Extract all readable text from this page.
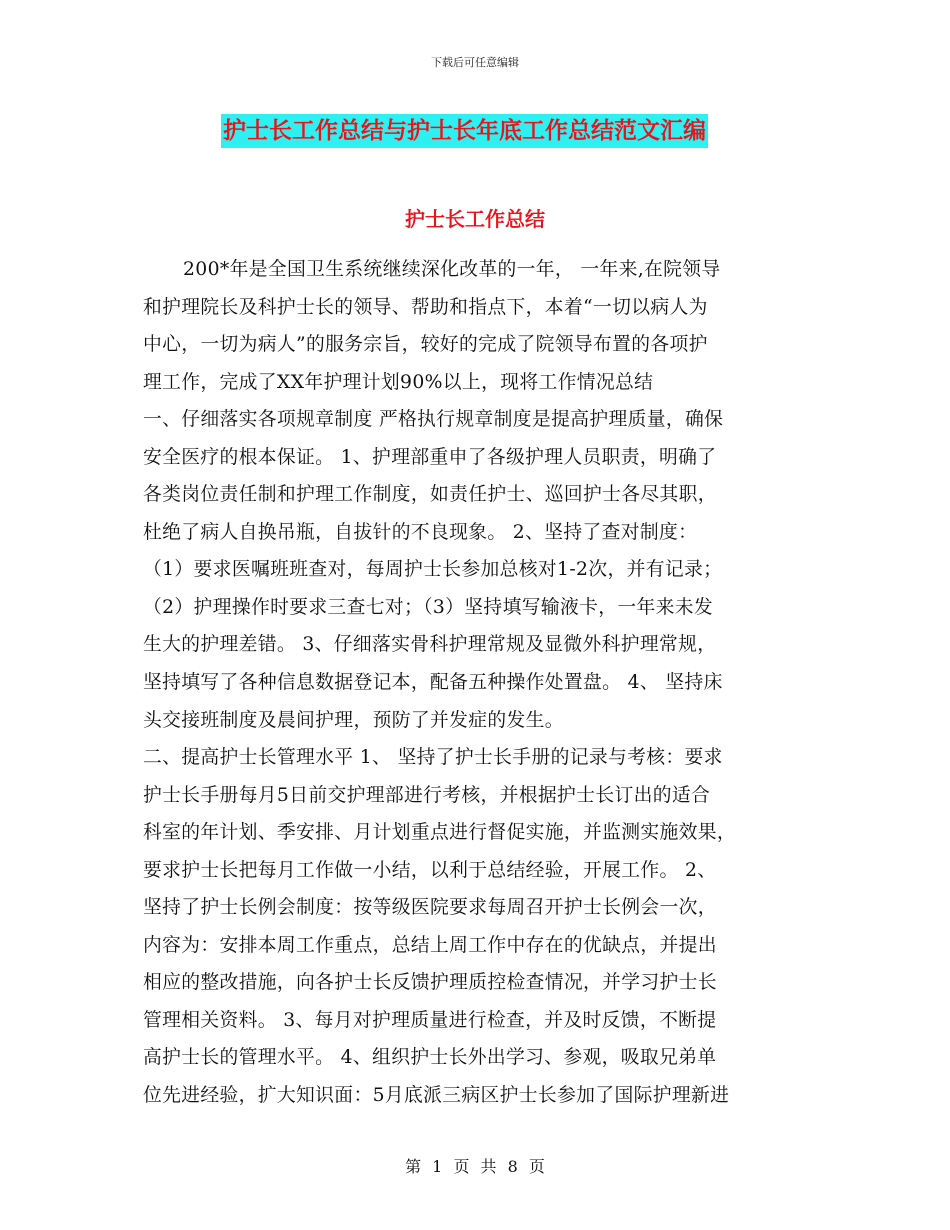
下载后可任意编辑
护士长工作总结与护士长年底工作总结范文汇编
护士长工作总结
200*年是全国卫生系统继续深化改革的一年， 一年来,在院领导
和护理院长及科护士长的领导、帮助和指点下，本着“一切以病人为
中心，一切为病人”的服务宗旨，较好的完成了院领导布置的各项护
理工作，完成了XX年护理计划90%以上，现将工作情况总结
一、仔细落实各项规章制度 严格执行规章制度是提高护理质量，确保
安全医疗的根本保证。 1、护理部重申了各级护理人员职责，明确了
各类岗位责任制和护理工作制度，如责任护士、巡回护士各尽其职，
杜绝了病人自换吊瓶，自拔针的不良现象。 2、坚持了查对制度：
（1）要求医嘱班班查对，每周护士长参加总核对1-2次，并有记录；
（2）护理操作时要求三查七对；（3）坚持填写输液卡，一年来未发
生大的护理差错。 3、仔细落实骨科护理常规及显微外科护理常规，
坚持填写了各种信息数据登记本，配备五种操作处置盘。 4、 坚持床
头交接班制度及晨间护理，预防了并发症的发生。
二、提高护士长管理水平 1、 坚持了护士长手册的记录与考核：要求
护士长手册每月5日前交护理部进行考核，并根据护士长订出的适合
科室的年计划、季安排、月计划重点进行督促实施，并监测实施效果，
要求护士长把每月工作做一小结，以利于总结经验，开展工作。 2、
坚持了护士长例会制度：按等级医院要求每周召开护士长例会一次，
内容为：安排本周工作重点，总结上周工作中存在的优缺点，并提出
相应的整改措施，向各护士长反馈护理质控检查情况，并学习护士长
管理相关资料。 3、每月对护理质量进行检查，并及时反馈，不断提
高护士长的管理水平。 4、组织护士长外出学习、参观，吸取兄弟单
位先进经验，扩大知识面：5月底派三病区护士长参加了国际护理新进
第 1 页 共 8 页
